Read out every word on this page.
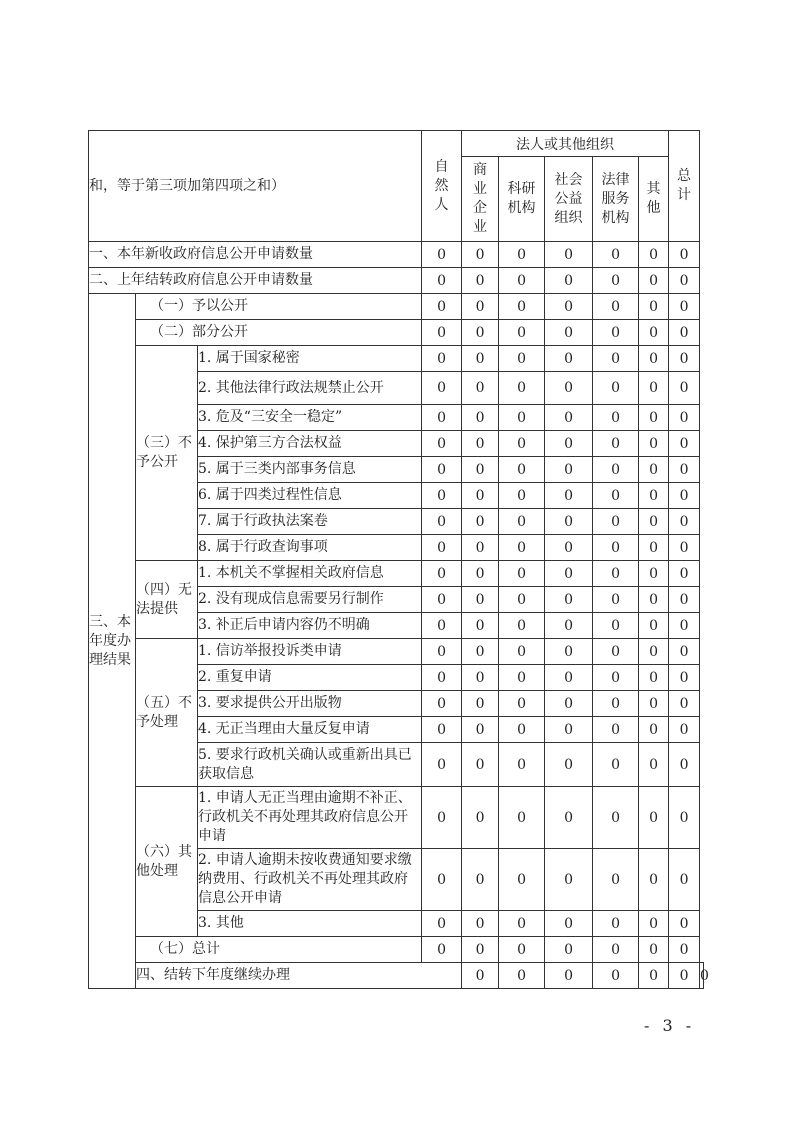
和，等于第三项加第四项之和）			自然人	法人或其他组织					总计	
				商业企业	科研机构	社会公益组织	法律服务机构	其他		
一、本年新收政府信息公开申请数量			0	0	0	0	0	0	0	
二、上年结转政府信息公开申请数量			0	0	0	0	0	0	0	

三、本年度办理结果	（一）予以公开		0	0	0	0	0	0	0	
	（二）部分公开		0	0	0	0	0	0	0	

	（三）不予公开	1. 属于国家秘密	0	0	0	0	0	0	0	
		2. 其他法律行政法规禁止公开	0	0	0	0	0	0	0	
		3. 危及“三安全一稳定”	0	0	0	0	0	0	0	
		4. 保护第三方合法权益	0	0	0	0	0	0	0	
		5. 属于三类内部事务信息	0	0	0	0	0	0	0	
		6. 属于四类过程性信息	0	0	0	0	0	0	0	
		7. 属于行政执法案卷	0	0	0	0	0	0	0	
		8. 属于行政查询事项	0	0	0	0	0	0	0	

	（四）无法提供	1. 本机关不掌握相关政府信息	0	0	0	0	0	0	0	
		2. 没有现成信息需要另行制作	0	0	0	0	0	0	0	
		3. 补正后申请内容仍不明确	0	0	0	0	0	0	0	

	（五）不予处理	1. 信访举报投诉类申请	0	0	0	0	0	0	0	
		2. 重复申请	0	0	0	0	0	0	0	
		3. 要求提供公开出版物	0	0	0	0	0	0	0	
		4. 无正当理由大量反复申请	0	0	0	0	0	0	0	
		5. 要求行政机关确认或重新出具已获取信息	0	0	0	0	0	0	0	

	（六）其他处理	1. 申请人无正当理由逾期不补正、行政机关不再处理其政府信息公开申请	0	0	0	0	0	0	0	
		2. 申请人逾期未按收费通知要求缴纳费用、行政机关不再处理其政府信息公开申请	0	0	0	0	0	0	0	
		3. 其他	0	0	0	0	0	0	0	
	（七）总计		0	0	0	0	0	0	0	
	四、结转下年度继续办理			0	0	0	0	0	0	0
- 3 -
